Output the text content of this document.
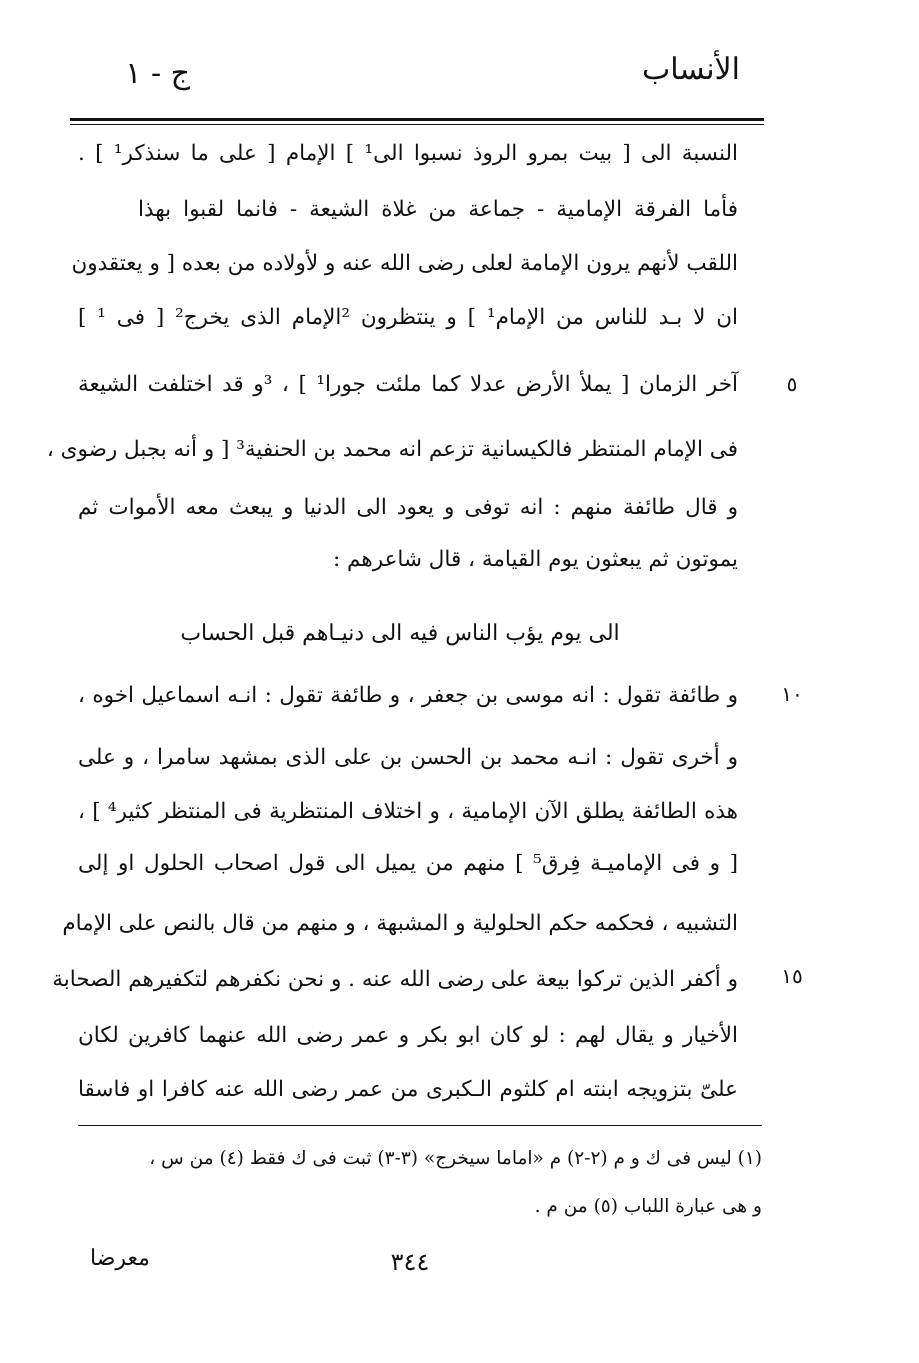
الأنساب
ج - ١
النسبة الى [ بيت بمرو الروذ نسبوا الى¹ ] الإمام [ على ما سنذكر¹ ] .
فأما الفرقة الإمامية - جماعة من غلاة الشيعة - فانما لقبوا بهذا
اللقب لأنهم يرون الإمامة لعلى رضى الله عنه و لأولاده من بعده [ و يعتقدون
ان لا بـد للناس من الإمام¹ ] و ينتظرون ²الإمام الذى يخرج² [ فى ¹ ]
آخر الزمان [ يملأ الأرض عدلا كما ملئت جورا¹ ] ، ³و قد اختلفت الشيعة	٥
فى الإمام المنتظر فالكيسانية تزعم انه محمد بن الحنفية³ [ و أنه بجبل رضوى ،
و قال طائفة منهم : انه توفى و يعود الى الدنيا و يبعث معه الأموات ثم
يموتون ثم يبعثون يوم القيامة ، قال شاعرهم :
الى يوم يؤب الناس فيه الى دنيـاهم قبل الحساب
و طائفة تقول : انه موسى بن جعفر ، و طائفة تقول : انـه اسماعيل اخوه ،	١٠
و أخرى تقول : انـه محمد بن الحسن بن على الذى بمشهد سامرا ، و على
هذه الطائفة يطلق الآن الإمامية ، و اختلاف المنتظرية فى المنتظر كثير⁴ ] ،
[ و فى الإماميـة فِرق⁵ ] منهم من يميل الى قول اصحاب الحلول او إلى
التشبيه ، فحكمه حكم الحلولية و المشبهة ، و منهم من قال بالنص على الإمام
و أكفر الذين تركوا بيعة على رضى الله عنه . و نحن نكفرهم لتكفيرهم الصحابة	١٥
الأخيار و يقال لهم : لو كان ابو بكر و عمر رضى الله عنهما كافرين لكان
علىّ بتزويجه ابنته ام كلثوم الـكبرى من عمر رضى الله عنه كافرا او فاسقا
(١) ليس فى ك و م (٢-٢) م «اماما سيخرج» (٣-٣) ثبت فى ك فقط (٤) من س ،
و هى عبارة اللباب (٥) من م .
٣٤٤
معرضا
